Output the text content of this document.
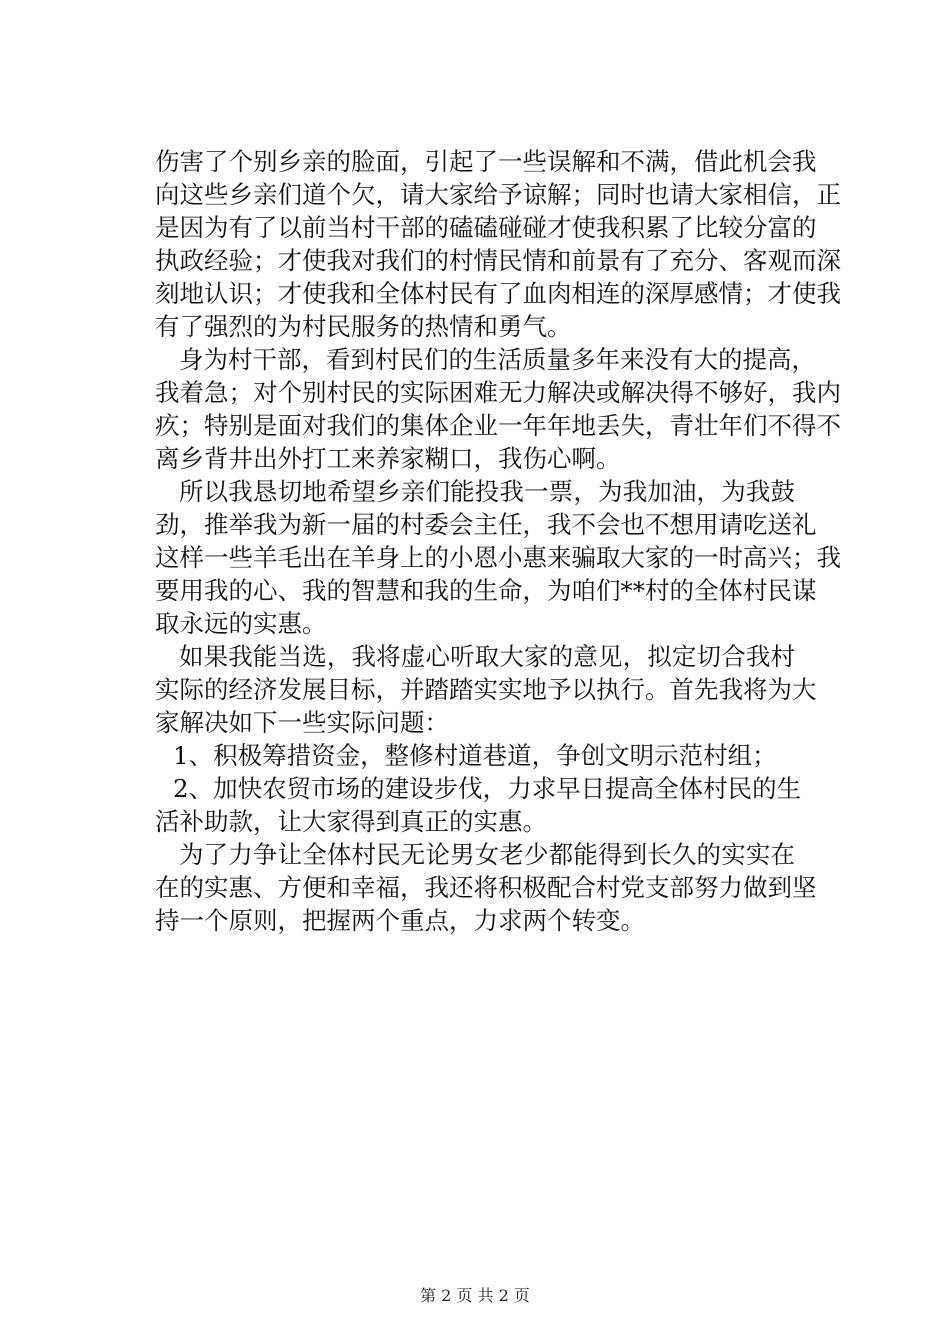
伤害了个别乡亲的脸面，引起了一些误解和不满，借此机会我
向这些乡亲们道个欠，请大家给予谅解；同时也请大家相信，正
是因为有了以前当村干部的磕磕碰碰才使我积累了比较分富的
执政经验；才使我对我们的村情民情和前景有了充分、客观而深
刻地认识；才使我和全体村民有了血肉相连的深厚感情；才使我
有了强烈的为村民服务的热情和勇气。
身为村干部，看到村民们的生活质量多年来没有大的提高，
我着急；对个别村民的实际困难无力解决或解决得不够好，我内
疚；特别是面对我们的集体企业一年年地丢失，青壮年们不得不
离乡背井出外打工来养家糊口，我伤心啊。
所以我恳切地希望乡亲们能投我一票，为我加油，为我鼓
劲，推举我为新一届的村委会主任，我不会也不想用请吃送礼
这样一些羊毛出在羊身上的小恩小惠来骗取大家的一时高兴；我
要用我的心、我的智慧和我的生命，为咱们**村的全体村民谋
取永远的实惠。
如果我能当选，我将虚心听取大家的意见，拟定切合我村
实际的经济发展目标，并踏踏实实地予以执行。首先我将为大
家解决如下一些实际问题：
1、积极筹措资金，整修村道巷道，争创文明示范村组；
2、加快农贸市场的建设步伐，力求早日提高全体村民的生
活补助款，让大家得到真正的实惠。
为了力争让全体村民无论男女老少都能得到长久的实实在
在的实惠、方便和幸福，我还将积极配合村党支部努力做到坚
持一个原则，把握两个重点，力求两个转变。
第 2 页 共 2 页
